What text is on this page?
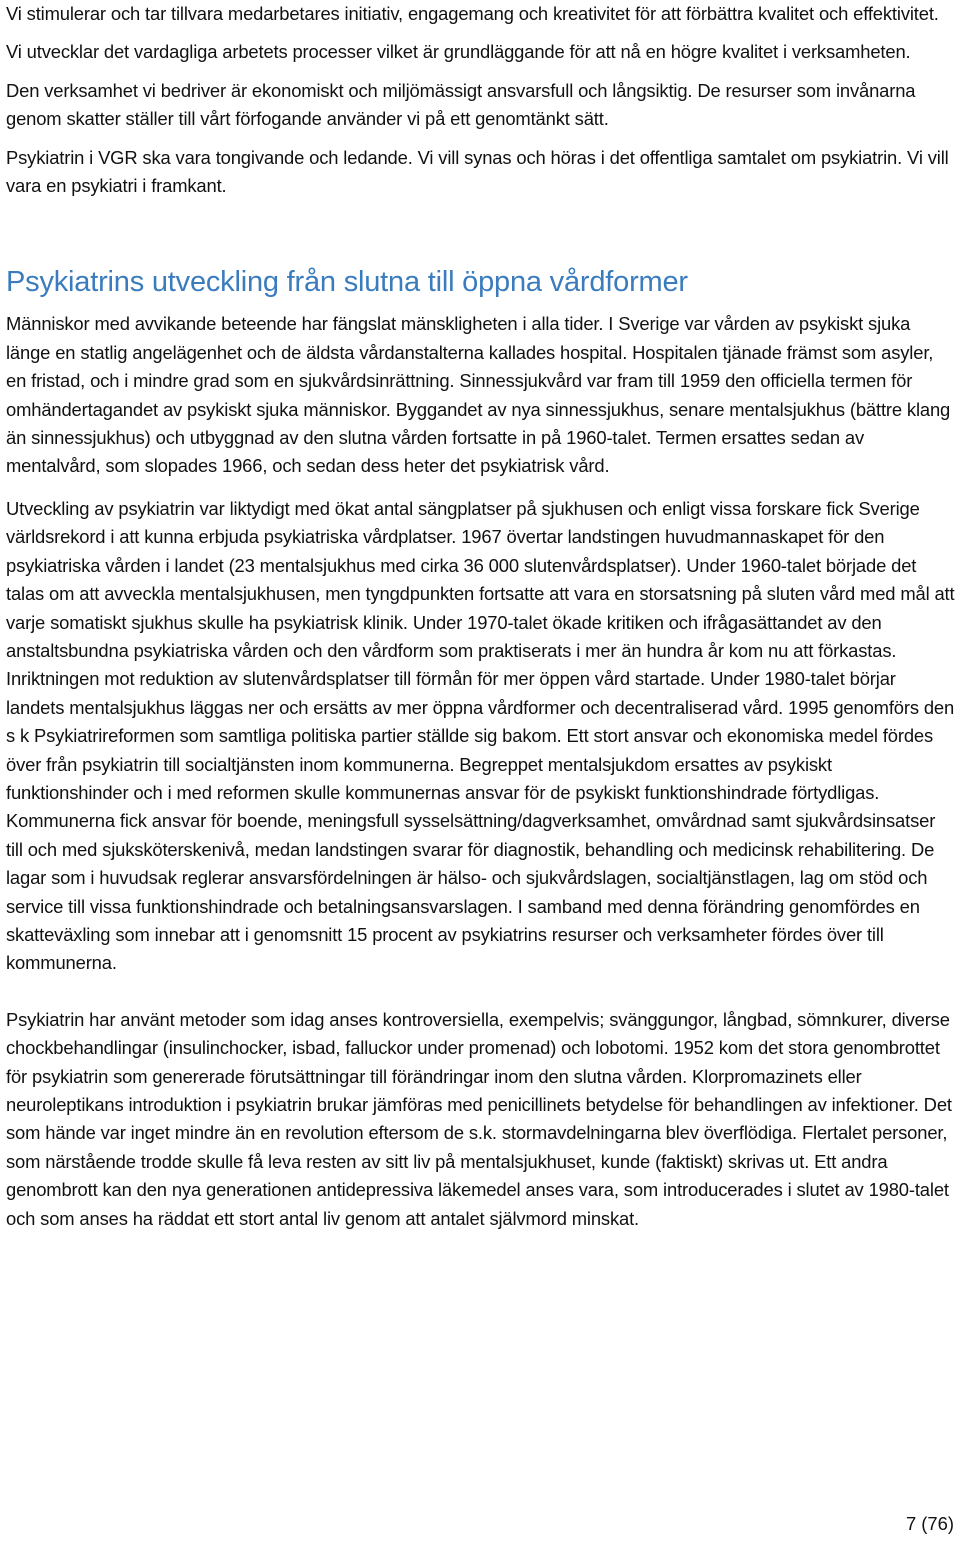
Vi stimulerar och tar tillvara medarbetares initiativ, engagemang och kreativitet för att förbättra kvalitet och effektivitet.

Vi utvecklar det vardagliga arbetets processer vilket är grundläggande för att nå en högre kvalitet i verksamheten.

Den verksamhet vi bedriver är ekonomiskt och miljömässigt ansvarsfull och långsiktig. De resurser som invånarna genom skatter ställer till vårt förfogande använder vi på ett genomtänkt sätt.

Psykiatrin i VGR ska vara tongivande och ledande. Vi vill synas och höras i det offentliga samtalet om psykiatrin. Vi vill vara en psykiatri i framkant.

Psykiatrins utveckling från slutna till öppna vårdformer

Människor med avvikande beteende har fängslat mänskligheten i alla tider. I Sverige var vården av psykiskt sjuka länge en statlig angelägenhet och de äldsta vårdanstalterna kallades hospital. Hospitalen tjänade främst som asyler, en fristad, och i mindre grad som en sjukvårdsinrättning. Sinnessjukvård var fram till 1959 den officiella termen för omhändertagandet av psykiskt sjuka människor. Byggandet av nya sinnessjukhus, senare mentalsjukhus (bättre klang än sinnessjukhus) och utbyggnad av den slutna vården fortsatte in på 1960-talet. Termen ersattes sedan av mentalvård, som slopades 1966, och sedan dess heter det psykiatrisk vård.

Utveckling av psykiatrin var liktydigt med ökat antal sängplatser på sjukhusen och enligt vissa forskare fick Sverige världsrekord i att kunna erbjuda psykiatriska vårdplatser. 1967 övertar landstingen huvudmannaskapet för den psykiatriska vården i landet (23 mentalsjukhus med cirka 36 000 slutenvårdsplatser). Under 1960-talet började det talas om att avveckla mentalsjukhusen, men tyngdpunkten fortsatte att vara en storsatsning på sluten vård med mål att varje somatiskt sjukhus skulle ha psykiatrisk klinik. Under 1970-talet ökade kritiken och ifrågasättandet av den anstaltsbundna psykiatriska vården och den vårdform som praktiserats i mer än hundra år kom nu att förkastas. Inriktningen mot reduktion av slutenvårdsplatser till förmån för mer öppen vård startade. Under 1980-talet börjar landets mentalsjukhus läggas ner och ersätts av mer öppna vårdformer och decentraliserad vård. 1995 genomförs den s k Psykiatrireformen som samtliga politiska partier ställde sig bakom. Ett stort ansvar och ekonomiska medel fördes över från psykiatrin till socialtjänsten inom kommunerna. Begreppet mentalsjukdom ersattes av psykiskt funktionshinder och i med reformen skulle kommunernas ansvar för de psykiskt funktionshindrade förtydligas. Kommunerna fick ansvar för boende, meningsfull sysselsättning/dagverksamhet, omvårdnad samt sjukvårdsinsatser till och med sjuksköterskenivå, medan landstingen svarar för diagnostik, behandling och medicinsk rehabilitering. De lagar som i huvudsak reglerar ansvarsfördelningen är hälso- och sjukvårdslagen, socialtjänstlagen, lag om stöd och service till vissa funktionshindrade och betalningsansvarslagen. I samband med denna förändring genomfördes en skatteväxling som innebar att i genomsnitt 15 procent av psykiatrins resurser och verksamheter fördes över till kommunerna.

Psykiatrin har använt metoder som idag anses kontroversiella, exempelvis; svänggungor, långbad, sömnkurer, diverse chockbehandlingar (insulinchocker, isbad, falluckor under promenad) och lobotomi. 1952 kom det stora genombrottet för psykiatrin som genererade förutsättningar till förändringar inom den slutna vården. Klorpromazinets eller neuroleptikans introduktion i psykiatrin brukar jämföras med penicillinets betydelse för behandlingen av infektioner. Det som hände var inget mindre än en revolution eftersom de s.k. stormavdelningarna blev överflödiga. Flertalet personer, som närstående trodde skulle få leva resten av sitt liv på mentalsjukhuset, kunde (faktiskt) skrivas ut. Ett andra genombrott kan den nya generationen antidepressiva läkemedel anses vara, som introducerades i slutet av 1980-talet och som anses ha räddat ett stort antal liv genom att antalet självmord minskat.

7 (76)
